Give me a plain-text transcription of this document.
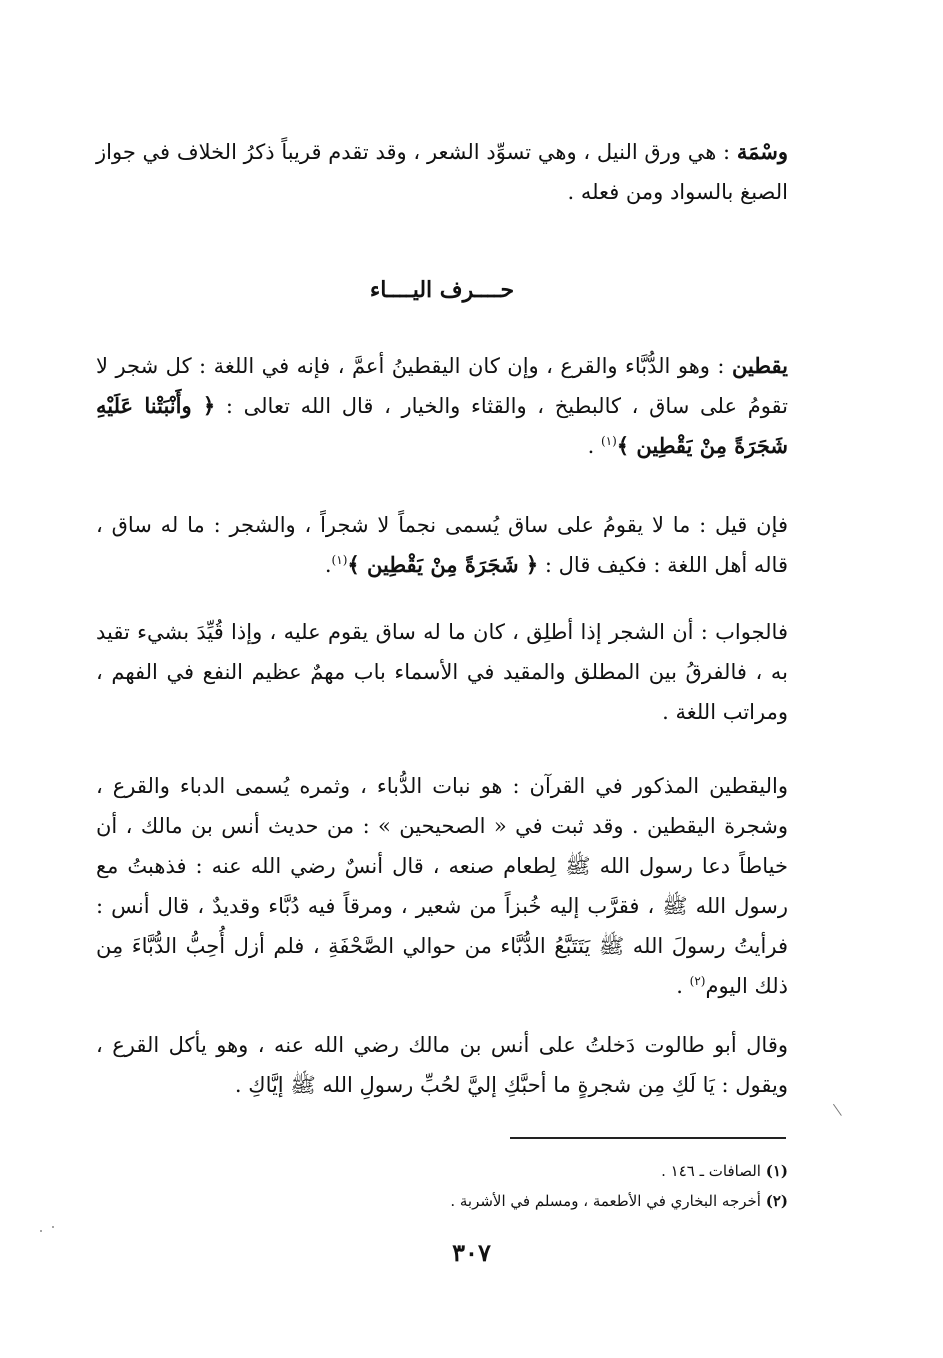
وسْمَة : هي ورق النيل ، وهي تسوِّد الشعر ، وقد تقدم قريباً ذكرُ الخلاف في جواز الصبغ بالسواد ومن فعله .
حــــرف اليــــاء
يقطين : وهو الدُّبَّاء والقرع ، وإن كان اليقطينُ أعمَّ ، فإنه في اللغة : كل شجر لا تقومُ على ساق ، كالبطيخ ، والقثاء والخيار ، قال الله تعالى : ﴿ وأَنْبَتْنا عَلَيْهِ شَجَرَةً مِنْ يَقْطِين ﴾$^{(١)}$ .
فإن قيل : ما لا يقومُ على ساق يُسمى نجماً لا شجراً ، والشجر : ما له ساق ، قاله أهل اللغة : فكيف قال : ﴿ شَجَرَةً مِنْ يَقْطِين ﴾$^{(١)}$.
فالجواب : أن الشجر إذا أطلِق ، كان ما له ساق يقوم عليه ، وإذا قُيِّدَ بشيء تقيد به ، فالفرقُ بين المطلق والمقيد في الأسماء باب مهمٌ عظيم النفع في الفهم ، ومراتب اللغة .
واليقطين المذكور في القرآن : هو نبات الدُّباء ، وثمره يُسمى الدباء والقرع ، وشجرة اليقطين . وقد ثبت في « الصحيحين » : من حديث أنس بن مالك ، أن خياطاً دعا رسول الله ﷺ لِطعام صنعه ، قال أنسٌ رضي الله عنه : فذهبتُ مع رسول الله ﷺ ، فقرَّب إليه خُبزاً من شعير ، ومرقاً فيه دُبَّاء وقديدٌ ، قال أنس : فرأيتُ رسولَ الله ﷺ يَتَتَبَّعُ الدُّبَّاء من حوالي الصَّحْفَةِ ، فلم أزل أُحِبُّ الدُّبَّاءَ مِن ذلك اليوم$^{(٢)}$ .
وقال أبو طالوت دَخلتُ على أنس بن مالك رضي الله عنه ، وهو يأكل القرع ، ويقول : يَا لَكِ مِن شجرةٍ ما أحبَّكِ إليَّ لحُبِّ رسولِ الله ﷺ إيَّاكِ .
(١) الصافات ـ ١٤٦ .
(٢) أخرجه البخاري في الأطعمة ، ومسلم في الأشربة .
٣٠٧
